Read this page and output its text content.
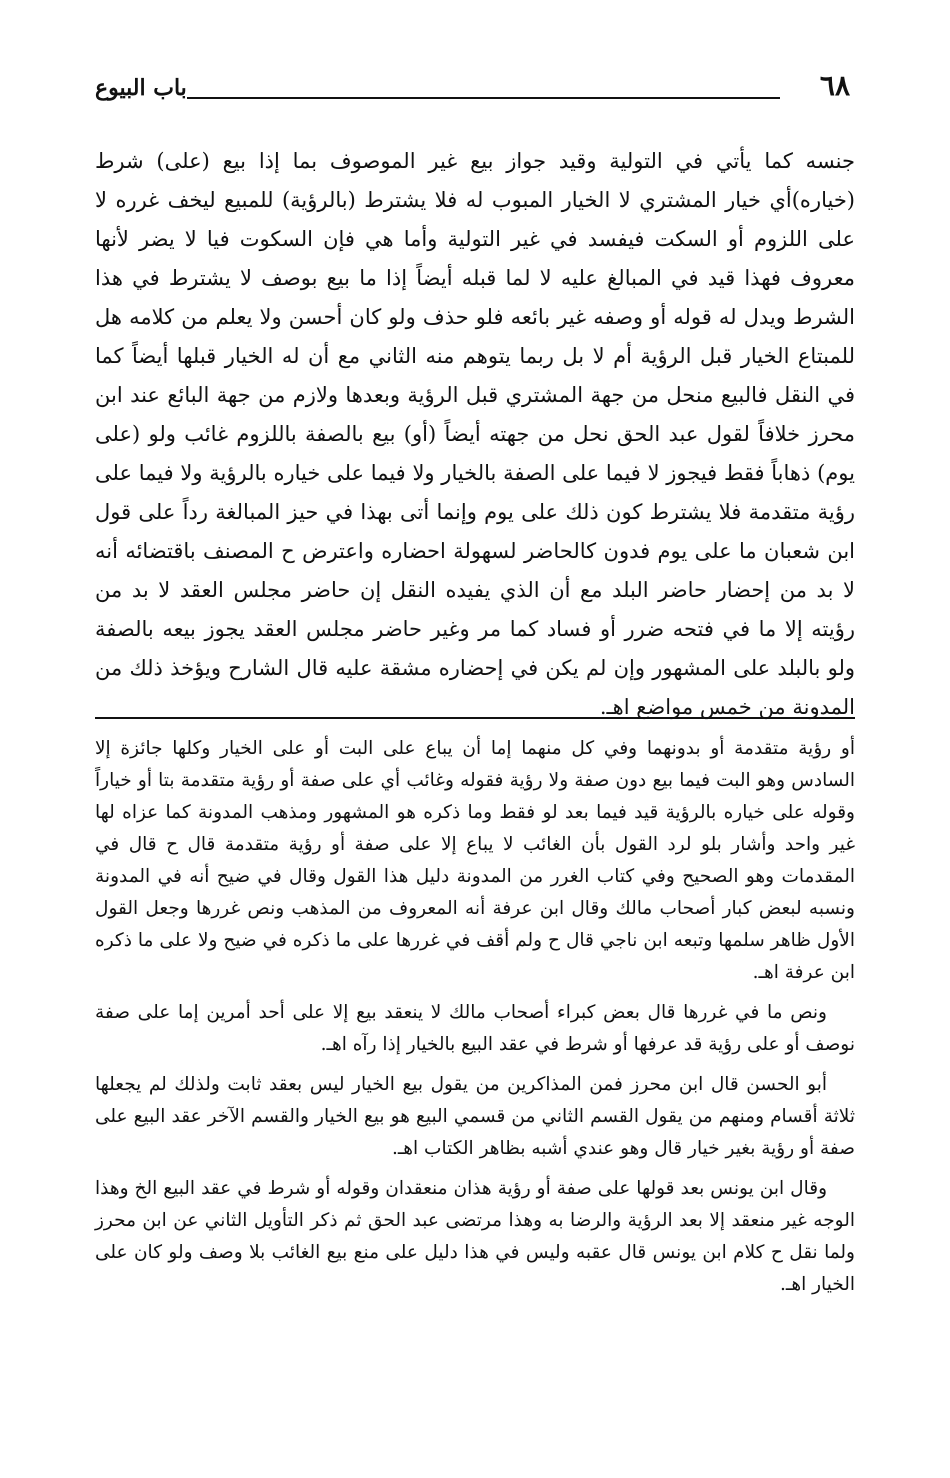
٦٨
باب البيوع

جنسه كما يأتي في التولية وقيد جواز بيع غير الموصوف بما إذا بيع (على) شرط (خياره)أي خيار المشتري لا الخيار المبوب له فلا يشترط (بالرؤية) للمبيع ليخف غرره لا على اللزوم أو السكت فيفسد في غير التولية وأما هي فإن السكوت فيا لا يضر لأنها معروف فهذا قيد في المبالغ عليه لا لما قبله أيضاً إذا ما بيع بوصف لا يشترط في هذا الشرط ويدل له قوله أو وصفه غير بائعه فلو حذف ولو كان أحسن ولا يعلم من كلامه هل للمبتاع الخيار قبل الرؤية أم لا بل ربما يتوهم منه الثاني مع أن له الخيار قبلها أيضاً كما في النقل فالبيع منحل من جهة المشتري قبل الرؤية وبعدها ولازم من جهة البائع عند ابن محرز خلافاً لقول عبد الحق نحل من جهته أيضاً (أو) بيع بالصفة باللزوم غائب ولو (على يوم) ذهاباً فقط فيجوز لا فيما على الصفة بالخيار ولا فيما على خياره بالرؤية ولا فيما على رؤية متقدمة فلا يشترط كون ذلك على يوم وإنما أتى بهذا في حيز المبالغة رداً على قول ابن شعبان ما على يوم فدون كالحاضر لسهولة احضاره واعترض ح المصنف باقتضائه أنه لا بد من إحضار حاضر البلد مع أن الذي يفيده النقل إن حاضر مجلس العقد لا بد من رؤيته إلا ما في فتحه ضرر أو فساد كما مر وغير حاضر مجلس العقد يجوز بيعه بالصفة ولو بالبلد على المشهور وإن لم يكن في إحضاره مشقة عليه قال الشارح ويؤخذ ذلك من المدونة من خمس مواضع اهـ.

أو رؤية متقدمة أو بدونهما وفي كل منهما إما أن يباع على البت أو على الخيار وكلها جائزة إلا السادس وهو البت فيما بيع دون صفة ولا رؤية فقوله وغائب أي على صفة أو رؤية متقدمة بتا أو خياراً وقوله على خياره بالرؤية قيد فيما بعد لو فقط وما ذكره هو المشهور ومذهب المدونة كما عزاه لها غير واحد وأشار بلو لرد القول بأن الغائب لا يباع إلا على صفة أو رؤية متقدمة قال ح قال في المقدمات وهو الصحيح وفي كتاب الغرر من المدونة دليل هذا القول وقال في ضيح أنه في المدونة ونسبه لبعض كبار أصحاب مالك وقال ابن عرفة أنه المعروف من المذهب ونص غررها وجعل القول الأول ظاهر سلمها وتبعه ابن ناجي قال ح ولم أقف في غررها على ما ذكره في ضيح ولا على ما ذكره ابن عرفة اهـ.

ونص ما في غررها قال بعض كبراء أصحاب مالك لا ينعقد بيع إلا على أحد أمرين إما على صفة نوصف أو على رؤية قد عرفها أو شرط في عقد البيع بالخيار إذا رآه اهـ.

أبو الحسن قال ابن محرز فمن المذاكرين من يقول بيع الخيار ليس بعقد ثابت ولذلك لم يجعلها ثلاثة أقسام ومنهم من يقول القسم الثاني من قسمي البيع هو بيع الخيار والقسم الآخر عقد البيع على صفة أو رؤية بغير خيار قال وهو عندي أشبه بظاهر الكتاب اهـ.

وقال ابن يونس بعد قولها على صفة أو رؤية هذان منعقدان وقوله أو شرط في عقد البيع الخ وهذا الوجه غير منعقد إلا بعد الرؤية والرضا به وهذا مرتضى عبد الحق ثم ذكر التأويل الثاني عن ابن محرز ولما نقل ح كلام ابن يونس قال عقبه وليس في هذا دليل على منع بيع الغائب بلا وصف ولو كان على الخيار اهـ.
